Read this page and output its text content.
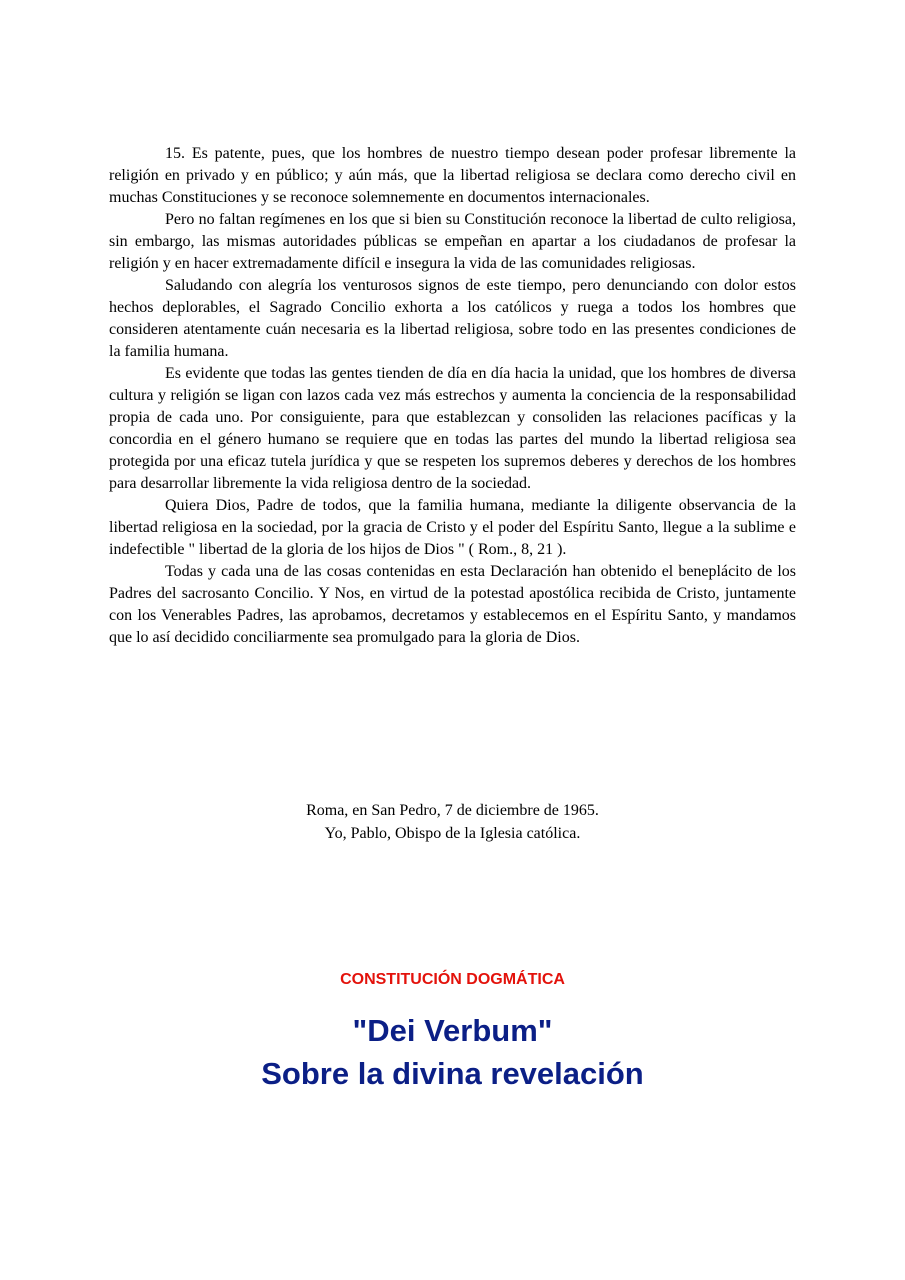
15. Es patente, pues, que los hombres de nuestro tiempo desean poder profesar libremente la religión en privado y en público; y aún más, que la libertad religiosa se declara como derecho civil en muchas Constituciones y se reconoce solemnemente en documentos internacionales.

Pero no faltan regímenes en los que si bien su Constitución reconoce la libertad de culto religiosa, sin embargo, las mismas autoridades públicas se empeñan en apartar a los ciudadanos de profesar la religión y en hacer extremadamente difícil e insegura la vida de las comunidades religiosas.

Saludando con alegría los venturosos signos de este tiempo, pero denunciando con dolor estos hechos deplorables, el Sagrado Concilio exhorta a los católicos y ruega a todos los hombres que consideren atentamente cuán necesaria es la libertad religiosa, sobre todo en las presentes condiciones de la familia humana.

Es evidente que todas las gentes tienden de día en día hacia la unidad, que los hombres de diversa cultura y religión se ligan con lazos cada vez más estrechos y aumenta la conciencia de la responsabilidad propia de cada uno. Por consiguiente, para que establezcan y consoliden las relaciones pacíficas y la concordia en el género humano se requiere que en todas las partes del mundo la libertad religiosa sea protegida por una eficaz tutela jurídica y que se respeten los supremos deberes y derechos de los hombres para desarrollar libremente la vida religiosa dentro de la sociedad.

Quiera Dios, Padre de todos, que la familia humana, mediante la diligente observancia de la libertad religiosa en la sociedad, por la gracia de Cristo y el poder del Espíritu Santo, llegue a la sublime e indefectible " libertad de la gloria de los hijos de Dios " ( Rom., 8, 21 ).

Todas y cada una de las cosas contenidas en esta Declaración han obtenido el beneplácito de los Padres del sacrosanto Concilio. Y Nos, en virtud de la potestad apostólica recibida de Cristo, juntamente con los Venerables Padres, las aprobamos, decretamos y establecemos en el Espíritu Santo, y mandamos que lo así decidido conciliarmente sea promulgado para la gloria de Dios.

Roma, en San Pedro, 7 de diciembre de 1965.
Yo, Pablo, Obispo de la Iglesia católica.
CONSTITUCIÓN DOGMÁTICA
"Dei Verbum"
Sobre la divina revelación
